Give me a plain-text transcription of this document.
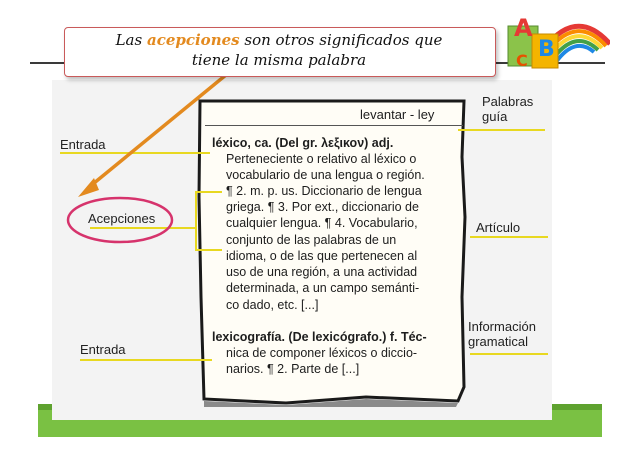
A
B
C
levantar - ley
léxico, ca. (Del gr. λεξικον) adj.
Perteneciente o relativo al léxico o
vocabulario de una lengua o región.
¶ 2. m. p. us. Diccionario de lengua
griega. ¶ 3. Por ext., diccionario de
cualquier lengua. ¶ 4. Vocabulario,
conjunto de las palabras de un
idioma, o de las que pertenecen al
uso de una región, a una actividad
determinada, a un campo semánti-
co dado, etc. [...]
lexicografía. (De lexicógrafo.) f. Téc-
nica de componer léxicos o diccio-
narios. ¶ 2. Parte de [...]
Entrada
Acepciones
Entrada
Palabras
guía
Artículo
Información
gramatical
Las acepciones son otros significados que
tiene la misma palabra
